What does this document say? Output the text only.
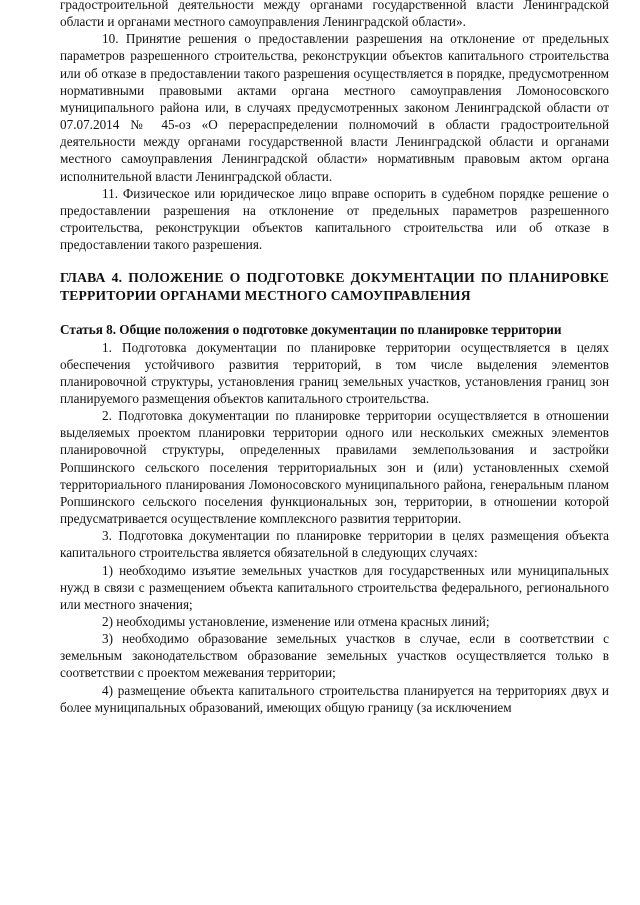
градостроительной деятельности между органами государственной власти Ленинградской области и органами местного самоуправления Ленинградской области».

10. Принятие решения о предоставлении разрешения на отклонение от предельных параметров разрешенного строительства, реконструкции объектов капитального строительства или об отказе в предоставлении такого разрешения осуществляется в порядке, предусмотренном нормативными правовыми актами органа местного самоуправления Ломоносовского муниципального района или, в случаях предусмотренных законом Ленинградской области от 07.07.2014 № 45-оз «О перераспределении полномочий в области градостроительной деятельности между органами государственной власти Ленинградской области и органами местного самоуправления Ленинградской области» нормативным правовым актом органа исполнительной власти Ленинградской области.

11. Физическое или юридическое лицо вправе оспорить в судебном порядке решение о предоставлении разрешения на отклонение от предельных параметров разрешенного строительства, реконструкции объектов капитального строительства или об отказе в предоставлении такого разрешения.

ГЛАВА 4. ПОЛОЖЕНИЕ О ПОДГОТОВКЕ ДОКУМЕНТАЦИИ ПО ПЛАНИРОВКЕ ТЕРРИТОРИИ ОРГАНАМИ МЕСТНОГО САМОУПРАВЛЕНИЯ

Статья 8. Общие положения о подготовке документации по планировке территории

1. Подготовка документации по планировке территории осуществляется в целях обеспечения устойчивого развития территорий, в том числе выделения элементов планировочной структуры, установления границ земельных участков, установления границ зон планируемого размещения объектов капитального строительства.

2. Подготовка документации по планировке территории осуществляется в отношении выделяемых проектом планировки территории одного или нескольких смежных элементов планировочной структуры, определенных правилами землепользования и застройки Ропшинского сельского поселения территориальных зон и (или) установленных схемой территориального планирования Ломоносовского муниципального района, генеральным планом Ропшинского сельского поселения функциональных зон, территории, в отношении которой предусматривается осуществление комплексного развития территории.

3. Подготовка документации по планировке территории в целях размещения объекта капитального строительства является обязательной в следующих случаях:

1) необходимо изъятие земельных участков для государственных или муниципальных нужд в связи с размещением объекта капитального строительства федерального, регионального или местного значения;

2) необходимы установление, изменение или отмена красных линий;

3) необходимо образование земельных участков в случае, если в соответствии с земельным законодательством образование земельных участков осуществляется только в соответствии с проектом межевания территории;

4) размещение объекта капитального строительства планируется на территориях двух и более муниципальных образований, имеющих общую границу (за исключением
